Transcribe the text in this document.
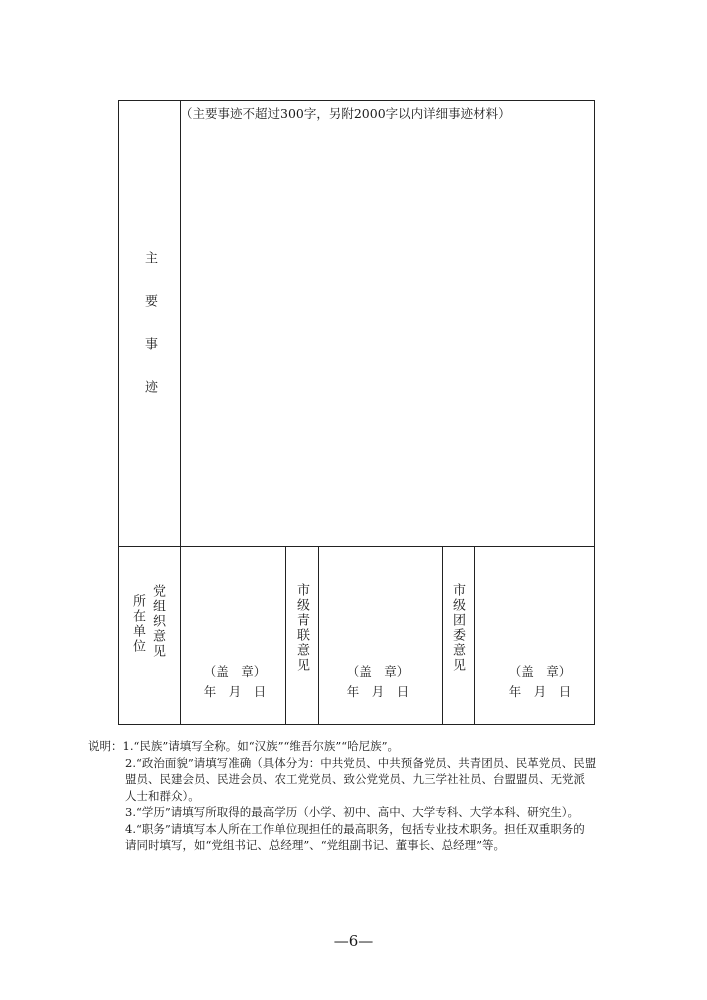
主要事迹
所在单位 党组织意见	市级青联意见	市级团委意见
（盖　章）
年　月　日
（盖　章）
年　月　日
（盖　章）
年　月　日
（主要事迹不超过300字，另附2000字以内详细事迹材料）
说明：1.“民族”请填写全称。如“汉族”“维吾尔族”“哈尼族”。
2.“政治面貌”请填写准确（具体分为：中共党员、中共预备党员、共青团员、民革党员、民盟
盟员、民建会员、民进会员、农工党党员、致公党党员、九三学社社员、台盟盟员、无党派
人士和群众）。
3.“学历”请填写所取得的最高学历（小学、初中、高中、大学专科、大学本科、研究生）。
4.“职务”请填写本人所在工作单位现担任的最高职务，包括专业技术职务。担任双重职务的
请同时填写，如“党组书记、总经理”、“党组副书记、董事长、总经理”等。
—6—
